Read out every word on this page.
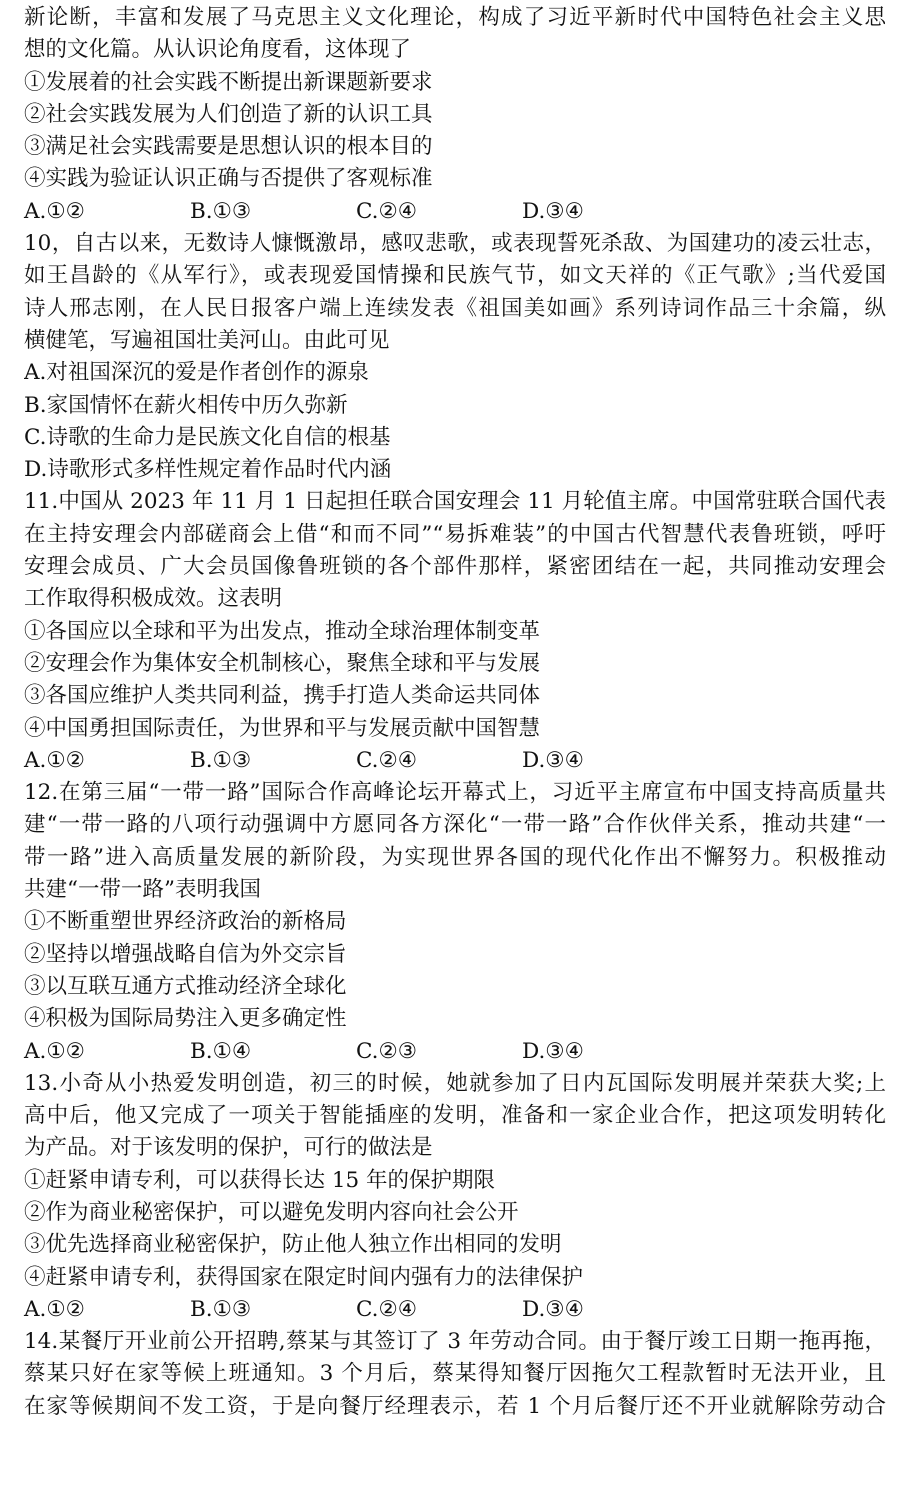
新论断，丰富和发展了马克思主义文化理论，构成了习近平新时代中国特色社会主义思
想的文化篇。从认识论角度看，这体现了
①发展着的社会实践不断提出新课题新要求
②社会实践发展为人们创造了新的认识工具
③满足社会实践需要是思想认识的根本目的
④实践为验证认识正确与否提供了客观标准
A.①②	B.①③	C.②④	D.③④
10，自古以来，无数诗人慷慨激昂，感叹悲歌，或表现誓死杀敌、为国建功的凌云壮志，
如王昌龄的《从军行》，或表现爱国情操和民族气节，如文天祥的《正气歌》;当代爱国
诗人邢志刚，在人民日报客户端上连续发表《祖国美如画》系列诗词作品三十余篇，纵
横健笔，写遍祖国壮美河山。由此可见
A.对祖国深沉的爱是作者创作的源泉
B.家国情怀在薪火相传中历久弥新
C.诗歌的生命力是民族文化自信的根基
D.诗歌形式多样性规定着作品时代内涵
11.中国从 2023 年 11 月 1 日起担任联合国安理会 11 月轮值主席。中国常驻联合国代表
在主持安理会内部磋商会上借“和而不同”“易拆难装”的中国古代智慧代表鲁班锁，呼吁
安理会成员、广大会员国像鲁班锁的各个部件那样，紧密团结在一起，共同推动安理会
工作取得积极成效。这表明
①各国应以全球和平为出发点，推动全球治理体制变革
②安理会作为集体安全机制核心，聚焦全球和平与发展
③各国应维护人类共同利益，携手打造人类命运共同体
④中国勇担国际责任，为世界和平与发展贡献中国智慧
A.①②	B.①③	C.②④	D.③④
12.在第三届“一带一路”国际合作高峰论坛开幕式上，习近平主席宣布中国支持高质量共
建“一带一路的八项行动强调中方愿同各方深化“一带一路”合作伙伴关系，推动共建“一
带一路”进入高质量发展的新阶段，为实现世界各国的现代化作出不懈努力。积极推动
共建“一带一路”表明我国
①不断重塑世界经济政治的新格局
②坚持以增强战略自信为外交宗旨
③以互联互通方式推动经济全球化
④积极为国际局势注入更多确定性
A.①②	B.①④	C.②③	D.③④
13.小奇从小热爱发明创造，初三的时候，她就参加了日内瓦国际发明展并荣获大奖;上
高中后，他又完成了一项关于智能插座的发明，准备和一家企业合作，把这项发明转化
为产品。对于该发明的保护，可行的做法是
①赶紧申请专利，可以获得长达 15 年的保护期限
②作为商业秘密保护，可以避免发明内容向社会公开
③优先选择商业秘密保护，防止他人独立作出相同的发明
④赶紧申请专利，获得国家在限定时间内强有力的法律保护
A.①②	B.①③	C.②④	D.③④
14.某餐厅开业前公开招聘,蔡某与其签订了 3 年劳动合同。由于餐厅竣工日期一拖再拖，
蔡某只好在家等候上班通知。3 个月后，蔡某得知餐厅因拖欠工程款暂时无法开业，且
在家等候期间不发工资，于是向餐厅经理表示，若 1 个月后餐厅还不开业就解除劳动合
